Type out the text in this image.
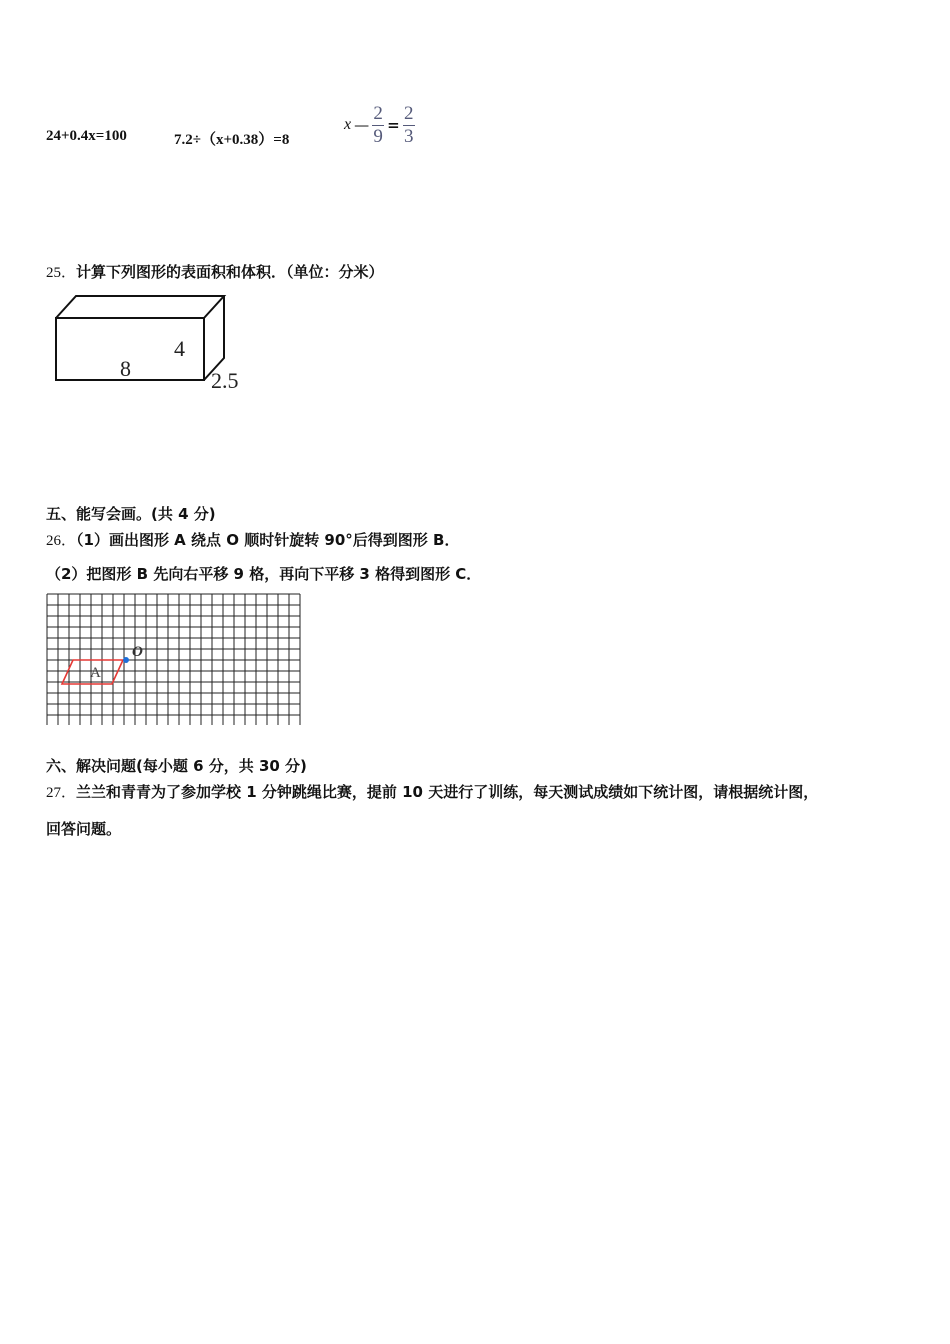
24+0.4x=100	7.2÷（x+0.38）=8
x — $\frac{2}{9} = \frac{2}{3}$
25．计算下列图形的表面积和体积．（单位：分米）
8
4
2.5
五、能写会画。(共 4 分)
26．（1）画出图形 A 绕点 O 顺时针旋转 90°后得到图形 B．
（2）把图形 B 先向右平移 9 格，再向下平移 3 格得到图形 C．
A
O
六、解决问题(每小题 6 分，共 30 分)
27．兰兰和青青为了参加学校 1 分钟跳绳比赛，提前 10 天进行了训练，每天测试成绩如下统计图，请根据统计图，
回答问题。
